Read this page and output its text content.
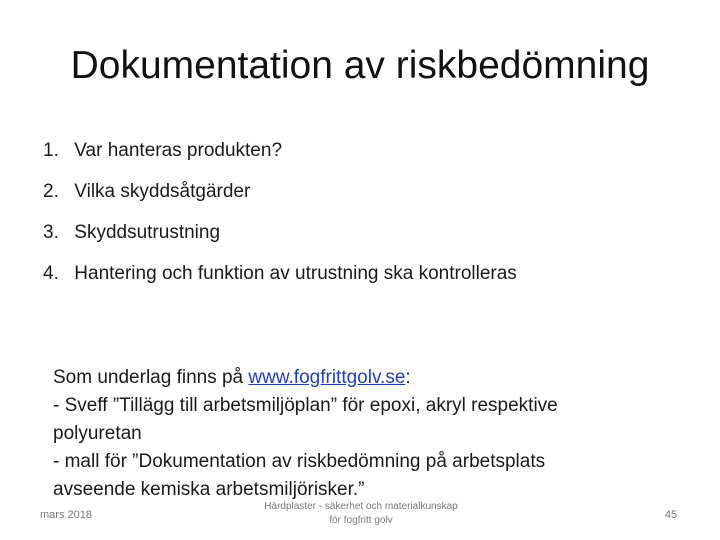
Dokumentation av riskbedömning
1. Var hanteras produkten?
2. Vilka skyddsåtgärder
3. Skyddsutrustning
4. Hantering och funktion av utrustning ska kontrolleras
Som underlag finns på www.fogfrittgolv.se:
- Sveff ”Tillägg till arbetsmiljöplan” för epoxi, akryl respektive
polyuretan
- mall för ”Dokumentation av riskbedömning på arbetsplats
avseende kemiska arbetsmiljörisker.”
mars 2018
Härdplaster - säkerhet och materialkunskap
för fogfritt golv	45
